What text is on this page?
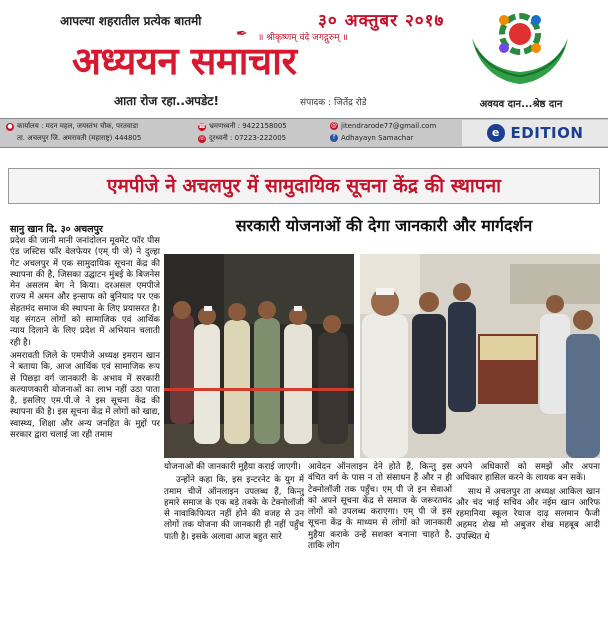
आपल्या शहरातील प्रत्येक बातमी	३० अक्तुबर २०१७
✒ ॥ श्रीकृष्णम् वंदे जगद्गुरुम् ॥
अध्ययन समाचार
आता रोज रहा..अपडेट!	संपादक : जितेंद्र रोडे	अवयव दान...श्रेष्ठ दान
● कार्यालय : मदन महल, जयस्तंभ चौक, परतवाडा
ता. अचलपुर जि. अमरावती (महाराष्ट्र) 444805
☎ भ्रमणध्वनी : 9422158005
☏ दूरध्वनी : 07223-222005
@ jitendrarode77@gmail.com
f Adhayayn Samachar	e EDITION
एमपीजे ने अचलपुर में सामुदायिक सूचना केंद्र की स्थापना
सरकारी योजनाओं की देगा जानकारी और मार्गदर्शन
सानु खान दि. ३० अचलपुर

प्रदेश की जानी मानी जनांदोलन मूवमेंट फॉर पीस एंड जस्टिस फॉर वेलफेयर (एम् पी जे) ने दुल्हा गेट अचलपुर में एक सामुदायिक सूचना केंद्र की स्थापना की है, जिसका उद्घाटन मुंबई के बिजनेस मेन असलम बेग ने किया। दरअसल एमपीजे राज्य में अमन और इन्साफ को बुनियाद पर एक सेहतमंद समाज की स्थापना के लिए प्रयासरत है। यह संगठन लोगों को सामाजिक एवं आर्थिक न्याय दिलाने के लिए प्रदेश में अभियान चलाती रही है।

अमरावती जिले के एमपीजे अध्यक्ष इमरान खान ने बताया कि, आज आर्थिक एवं सामाजिक रूप से पिछड़ा वर्ग जानकारी के अभाव में सरकारी कल्याणकारी योजनाओं का लाभ नहीं उठा पाता है, इसलिए एम.पी.जे ने इस सूचना केंद्र की स्थापना की है। इस सूचना केंद्र में लोगों को खाद्य, स्वास्थ्य, शिक्षा और अन्य जनहित के मुद्दों पर सरकार द्वारा चलाई जा रही तमाम

योजनाओं की जानकारी मुहैया कराई जाएगी।

उन्होंने कहा कि, इस इन्टरनेट के युग में तमाम चीजें ऑनलाइन उपलब्ध हैं, किन्तु हमारे समाज के एक बड़े तबके के टेक्नोलॉजी से नावाकिफियत नहीं होने की वजह से उन लोगों तक योजना की जानकारी ही नहीं पहुँच पाती है। इसके अलावा आज बहुत सारे

आवेदन ऑनलाइन देने होते हैं, किन्तु इस वंचित वर्ग के पास न तो संसाधन हैं और न ही टेक्नोलॉजी तक पहुँच। एम् पी जे इन सेवाओं को अपने सूचना केंद्र से समाज के जरूरतमंद लोगों को उपलब्ध कराएगा। एम् पी जे इस सूचना केंद्र के माध्यम से लोगों को जानकारी मुहैया कराके उन्हें सशक्त बनाना चाहते है, ताकि लोग

अपने अधिकारों को समझें और अपना अधिकार हासिल करने के लायक बन सकें।

साथ में अचलपुर ता अध्यक्ष आकिल खान और चंद भाई सचिव और नईम खान आरिफ रहमानिया स्कूल रेयाज दाढ़ सलमान फैजी अहमद शेख मो अबुजर शेख महबूब आदी उपस्थित थे
